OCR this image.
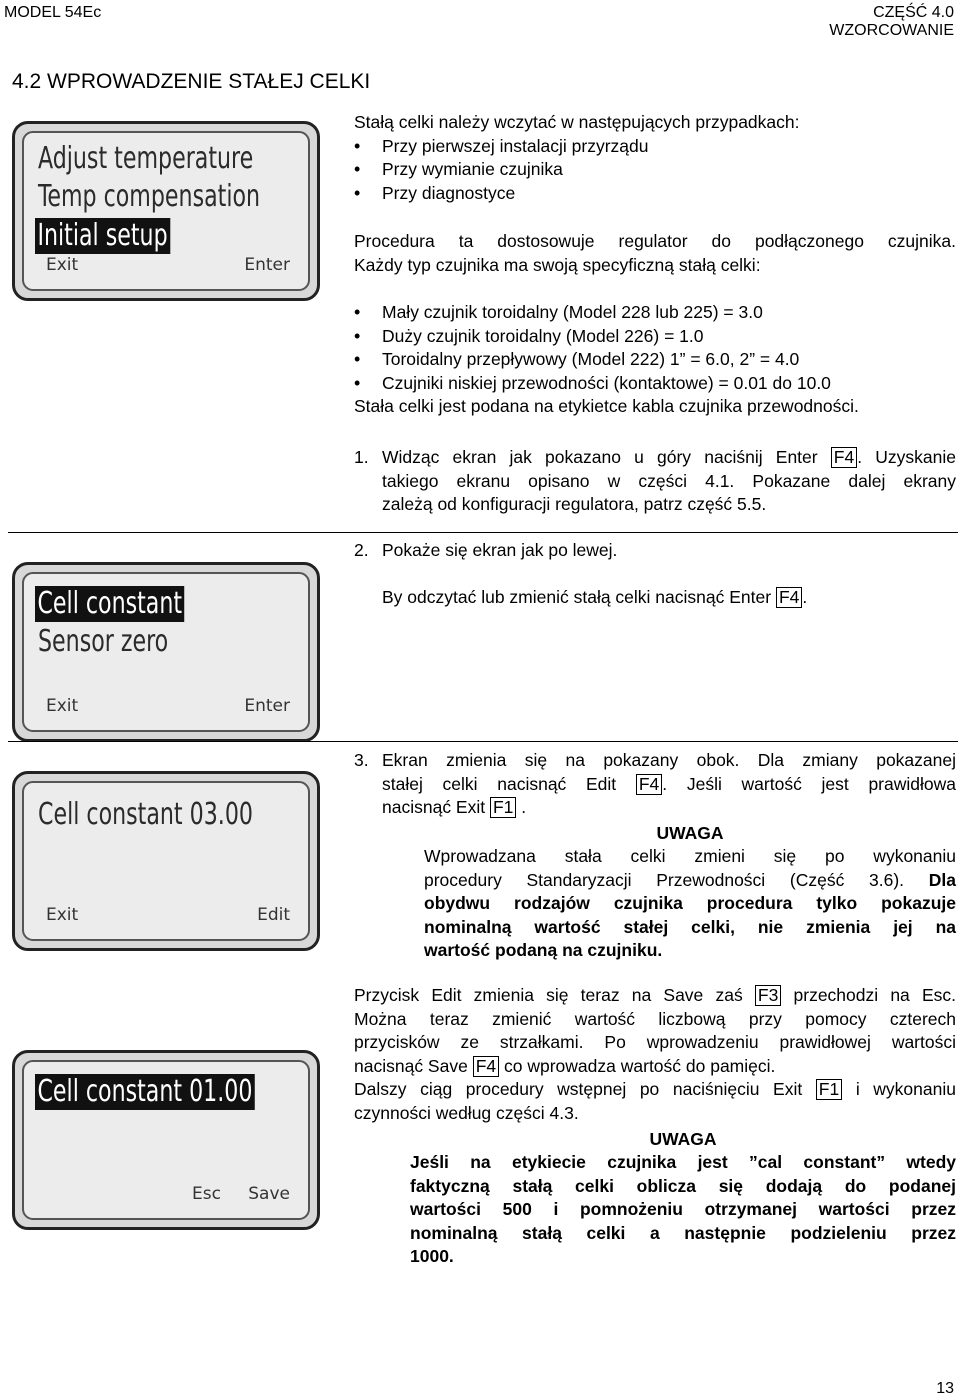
MODEL 54Ec	CZĘŚĆ 4.0
WZORCOWANIE
4.2 WPROWADZENIE STAŁEJ CELKI
Adjust temperature
Temp compensation
Initial setup
Exit	Enter
Stałą celki należy wczytać w następujących przypadkach:
• Przy pierwszej instalacji przyrządu
• Przy wymianie czujnika
• Przy diagnostyce
Procedura ta dostosowuje regulator do podłączonego czujnika.
Każdy typ czujnika ma swoją specyficzną stałą celki:
• Mały czujnik toroidalny (Model 228 lub 225) = 3.0
• Duży czujnik toroidalny (Model 226) = 1.0
• Toroidalny przepływowy (Model 222) 1” = 6.0, 2” = 4.0
• Czujniki niskiej przewodności (kontaktowe) = 0.01 do 10.0
Stała celki jest podana na etykietce kabla czujnika przewodności.
1. Widząc ekran jak pokazano u góry naciśnij Enter F4 . Uzyskanie
takiego ekranu opisano w części 4.1. Pokazane dalej ekrany
zależą od konfiguracji regulatora, patrz część 5.5.
Cell constant
Sensor zero
Exit	Enter
2. Pokaże się ekran jak po lewej.
By odczytać lub zmienić stałą celki nacisnąć Enter F4 .
Cell constant 03.00
Exit	Edit
3. Ekran zmienia się na pokazany obok. Dla zmiany pokazanej
stałej celki nacisnąć Edit F4 . Jeśli wartość jest prawidłowa
nacisnąć Exit F1 .
UWAGA
Wprowadzana stała celki zmieni się po wykonaniu
procedury Standaryzacji Przewodności (Część 3.6). Dla
obydwu rodzajów czujnika procedura tylko pokazuje
nominalną wartość stałej celki, nie zmienia jej na
wartość podaną na czujniku.
Cell constant 01.00
Esc Save
Przycisk Edit zmienia się teraz na Save zaś F3 przechodzi na Esc.
Można teraz zmienić wartość liczbową przy pomocy czterech
przycisków ze strzałkami. Po wprowadzeniu prawidłowej wartości
nacisnąć Save F4 co wprowadza wartość do pamięci.
Dalszy ciąg procedury wstępnej po naciśnięciu Exit F1 i wykonaniu
czynności według części 4.3.
UWAGA
Jeśli na etykiecie czujnika jest ”cal constant” wtedy
faktyczną stałą celki oblicza się dodają do podanej
wartości 500 i pomnożeniu otrzymanej wartości przez
nominalną stałą celki a następnie podzieleniu przez
1000.
13
